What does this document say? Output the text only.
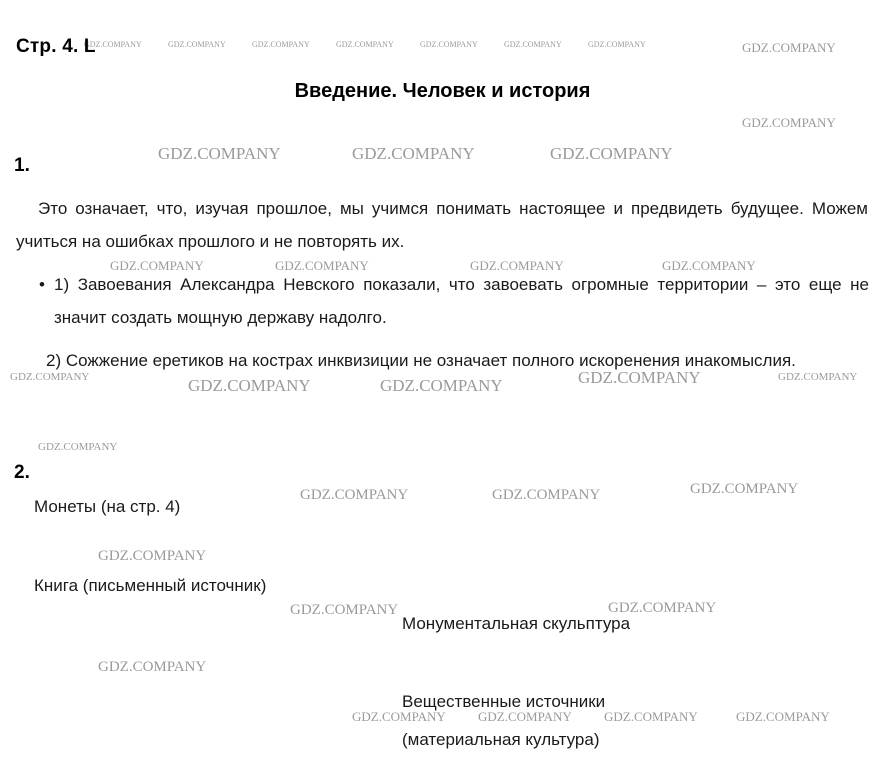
GDZ.COMPANY	GDZ.COMPANY	GDZ.COMPANY	GDZ.COMPANY	GDZ.COMPANY	GDZ.COMPANY	GDZ.COMPANY	GDZ.COMPANY
GDZ.COMPANY
GDZ.COMPANY	GDZ.COMPANY	GDZ.COMPANY
GDZ.COMPANY	GDZ.COMPANY	GDZ.COMPANY	GDZ.COMPANY
GDZ.COMPANY	GDZ.COMPANY	GDZ.COMPANY	GDZ.COMPANY	GDZ.COMPANY
GDZ.COMPANY
GDZ.COMPANY	GDZ.COMPANY	GDZ.COMPANY
GDZ.COMPANY
GDZ.COMPANY	GDZ.COMPANY
GDZ.COMPANY
GDZ.COMPANY GDZ.COMPANY GDZ.COMPANY	GDZ.COMPANY
Стр. 4. L
Введение. Человек и история
1.
Это означает, что, изучая прошлое, мы учимся понимать настоящее и предвидеть будущее. Можем учиться на ошибках прошлого и не повторять их.
• 1) Завоевания Александра Невского показали, что завоевать огромные территории – это еще не значит создать мощную державу надолго.
2) Сожжение еретиков на кострах инквизиции не означает полного искоренения инакомыслия.
2.
Монеты (на стр. 4)
Книга (письменный источник)
Монументальная скульптура
Вещественные источники
(материальная культура)
